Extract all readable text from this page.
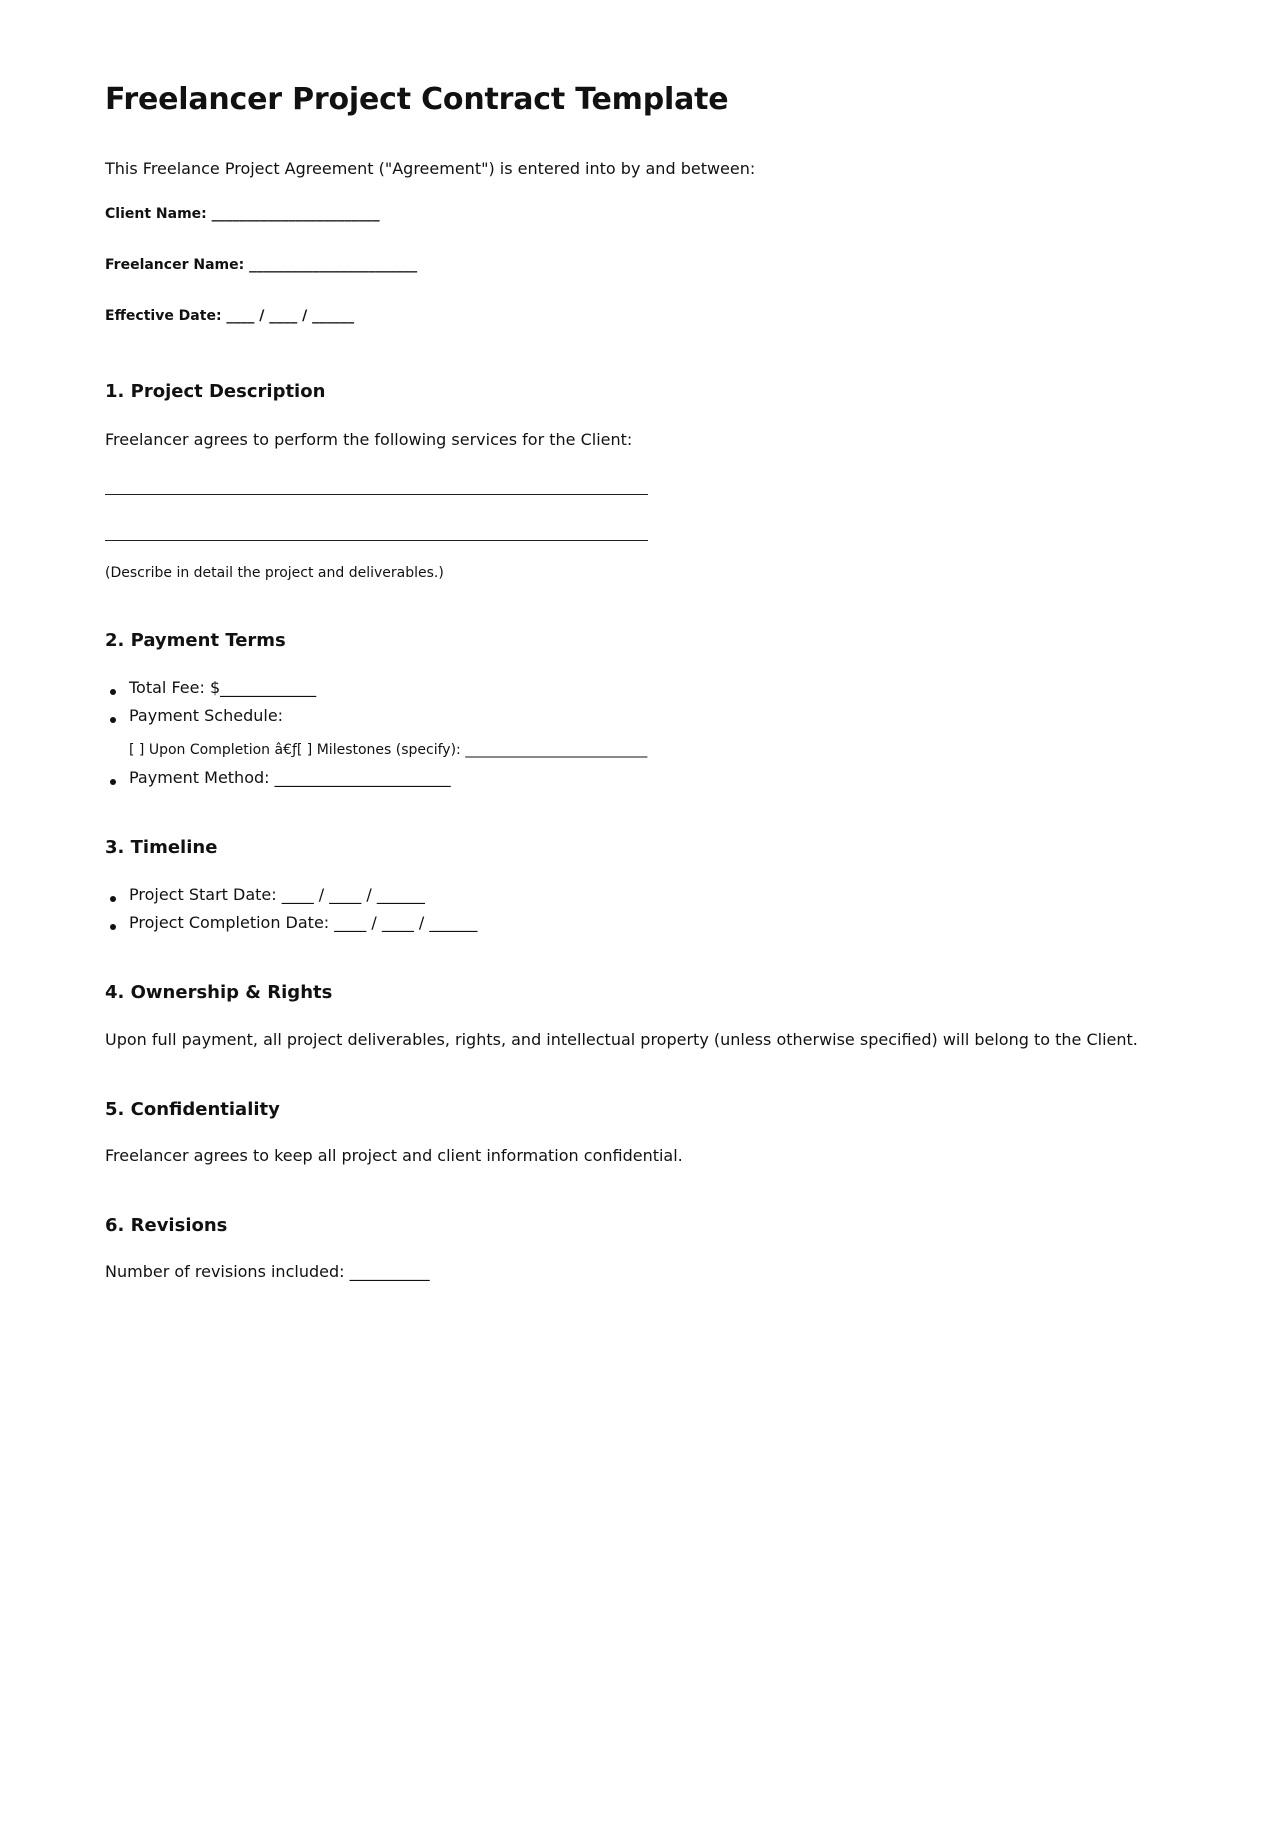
Freelancer Project Contract Template

This Freelance Project Agreement ("Agreement") is entered into by and between:

Client Name: ________________________
Freelancer Name: ________________________
Effective Date: ____ / ____ / ______
1. Project Description

Freelancer agrees to perform the following services for the Client:

(Describe in detail the project and deliverables.)

2. Payment Terms
Total Fee: $____________
Payment Schedule:
[ ] Upon Completion â€ƒ[ ] Milestones (specify): __________________________
Payment Method: ______________________
3. Timeline
Project Start Date: ____ / ____ / ______
Project Completion Date: ____ / ____ / ______
4. Ownership & Rights

Upon full payment, all project deliverables, rights, and intellectual property (unless otherwise specified) will belong to the Client.

5. Confidentiality

Freelancer agrees to keep all project and client information confidential.

6. Revisions

Number of revisions included: __________
